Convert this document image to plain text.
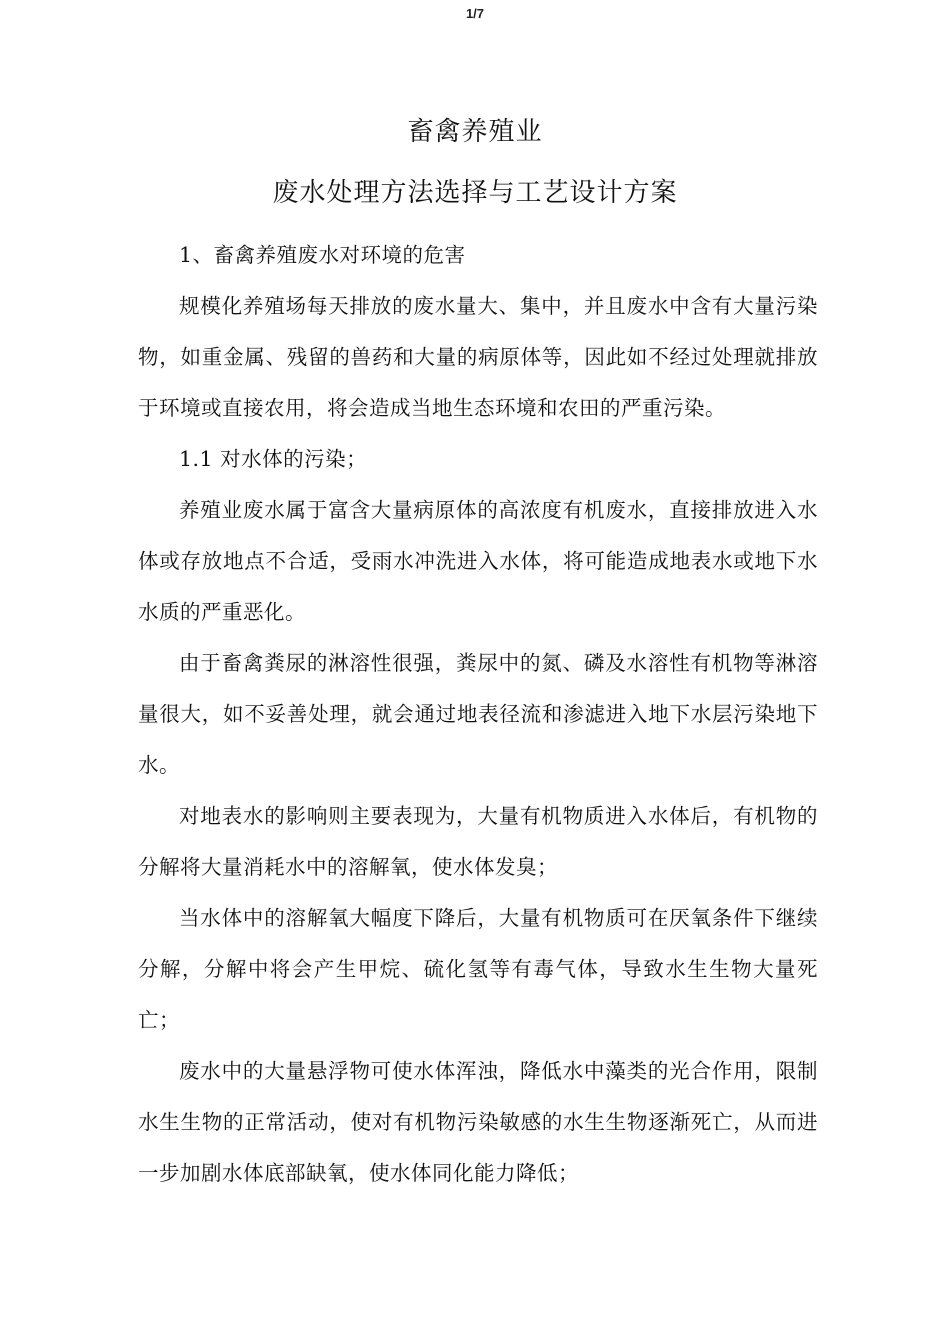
1/7
畜禽养殖业
废水处理方法选择与工艺设计方案

1、畜禽养殖废水对环境的危害

规模化养殖场每天排放的废水量大、集中，并且废水中含有大量污染物，如重金属、残留的兽药和大量的病原体等，因此如不经过处理就排放于环境或直接农用，将会造成当地生态环境和农田的严重污染。

1.1 对水体的污染；

养殖业废水属于富含大量病原体的高浓度有机废水，直接排放进入水体或存放地点不合适，受雨水冲洗进入水体，将可能造成地表水或地下水水质的严重恶化。

由于畜禽粪尿的淋溶性很强，粪尿中的氮、磷及水溶性有机物等淋溶量很大，如不妥善处理，就会通过地表径流和渗滤进入地下水层污染地下水。

对地表水的影响则主要表现为，大量有机物质进入水体后，有机物的分解将大量消耗水中的溶解氧，使水体发臭；

当水体中的溶解氧大幅度下降后，大量有机物质可在厌氧条件下继续分解，分解中将会产生甲烷、硫化氢等有毒气体，导致水生生物大量死亡；

废水中的大量悬浮物可使水体浑浊，降低水中藻类的光合作用，限制水生生物的正常活动，使对有机物污染敏感的水生生物逐渐死亡，从而进一步加剧水体底部缺氧，使水体同化能力降低；
